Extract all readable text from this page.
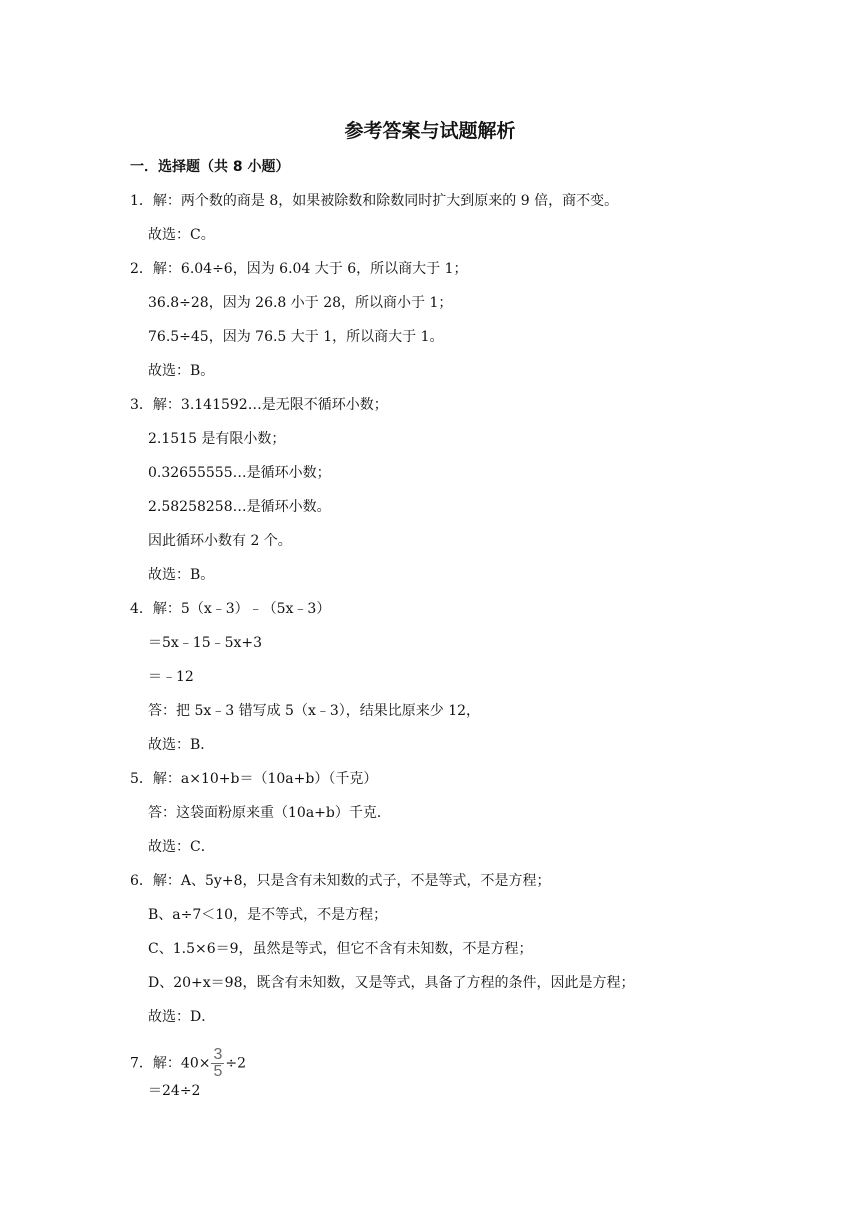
参考答案与试题解析
一．选择题（共 8 小题）
1．解：两个数的商是 8，如果被除数和除数同时扩大到原来的 9 倍，商不变。
故选：C。
2．解：6.04÷6，因为 6.04 大于 6，所以商大于 1；
36.8÷28，因为 26.8 小于 28，所以商小于 1；
76.5÷45，因为 76.5 大于 1，所以商大于 1。
故选：B。
3．解：3.141592…是无限不循环小数；
2.1515 是有限小数；
0.32655555…是循环小数；
2.58258258…是循环小数。
因此循环小数有 2 个。
故选：B。
4．解：5（x﹣3）﹣（5x﹣3）
＝5x﹣15﹣5x+3
＝﹣12
答：把 5x﹣3 错写成 5（x﹣3），结果比原来少 12，
故选：B．
5．解：a×10+b＝（10a+b）（千克）
答：这袋面粉原来重（10a+b）千克．
故选：C．
6．解：A、5y+8，只是含有未知数的式子，不是等式，不是方程；
B、a÷7＜10，是不等式，不是方程；
C、1.5×6＝9，虽然是等式，但它不含有未知数，不是方程；
D、20+x＝98，既含有未知数，又是等式，具备了方程的条件，因此是方程；
故选：D．
7．解：$40\times \frac{3}{5} \div 2$
＝24÷2
